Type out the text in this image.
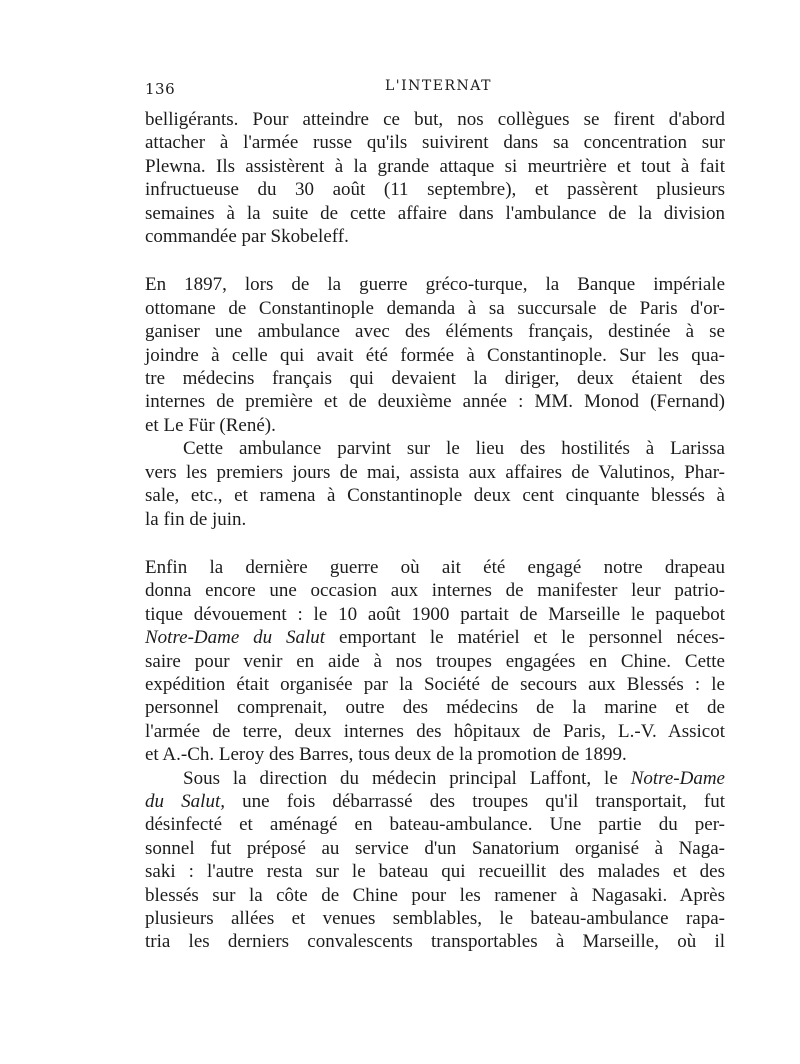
136	L'INTERNAT
belligérants. Pour atteindre ce but, nos collègues se firent d'abord
attacher à l'armée russe qu'ils suivirent dans sa concentration sur
Plewna. Ils assistèrent à la grande attaque si meurtrière et tout à fait
infructueuse du 30 août (11 septembre), et passèrent plusieurs
semaines à la suite de cette affaire dans l'ambulance de la division
commandée par Skobeleff.
En 1897, lors de la guerre gréco-turque, la Banque impériale
ottomane de Constantinople demanda à sa succursale de Paris d'or-
ganiser une ambulance avec des éléments français, destinée à se
joindre à celle qui avait été formée à Constantinople. Sur les qua-
tre médecins français qui devaient la diriger, deux étaient des
internes de première et de deuxième année : MM. Monod (Fernand)
et Le Für (René).
Cette ambulance parvint sur le lieu des hostilités à Larissa
vers les premiers jours de mai, assista aux affaires de Valutinos, Phar-
sale, etc., et ramena à Constantinople deux cent cinquante blessés à
la fin de juin.
Enfin la dernière guerre où ait été engagé notre drapeau
donna encore une occasion aux internes de manifester leur patrio-
tique dévouement : le 10 août 1900 partait de Marseille le paquebot
Notre-Dame du Salut emportant le matériel et le personnel néces-
saire pour venir en aide à nos troupes engagées en Chine. Cette
expédition était organisée par la Société de secours aux Blessés : le
personnel comprenait, outre des médecins de la marine et de
l'armée de terre, deux internes des hôpitaux de Paris, L.-V. Assicot
et A.-Ch. Leroy des Barres, tous deux de la promotion de 1899.
Sous la direction du médecin principal Laffont, le Notre-Dame
du Salut, une fois débarrassé des troupes qu'il transportait, fut
désinfecté et aménagé en bateau-ambulance. Une partie du per-
sonnel fut préposé au service d'un Sanatorium organisé à Naga-
saki : l'autre resta sur le bateau qui recueillit des malades et des
blessés sur la côte de Chine pour les ramener à Nagasaki. Après
plusieurs allées et venues semblables, le bateau-ambulance rapa-
tria les derniers convalescents transportables à Marseille, où il
